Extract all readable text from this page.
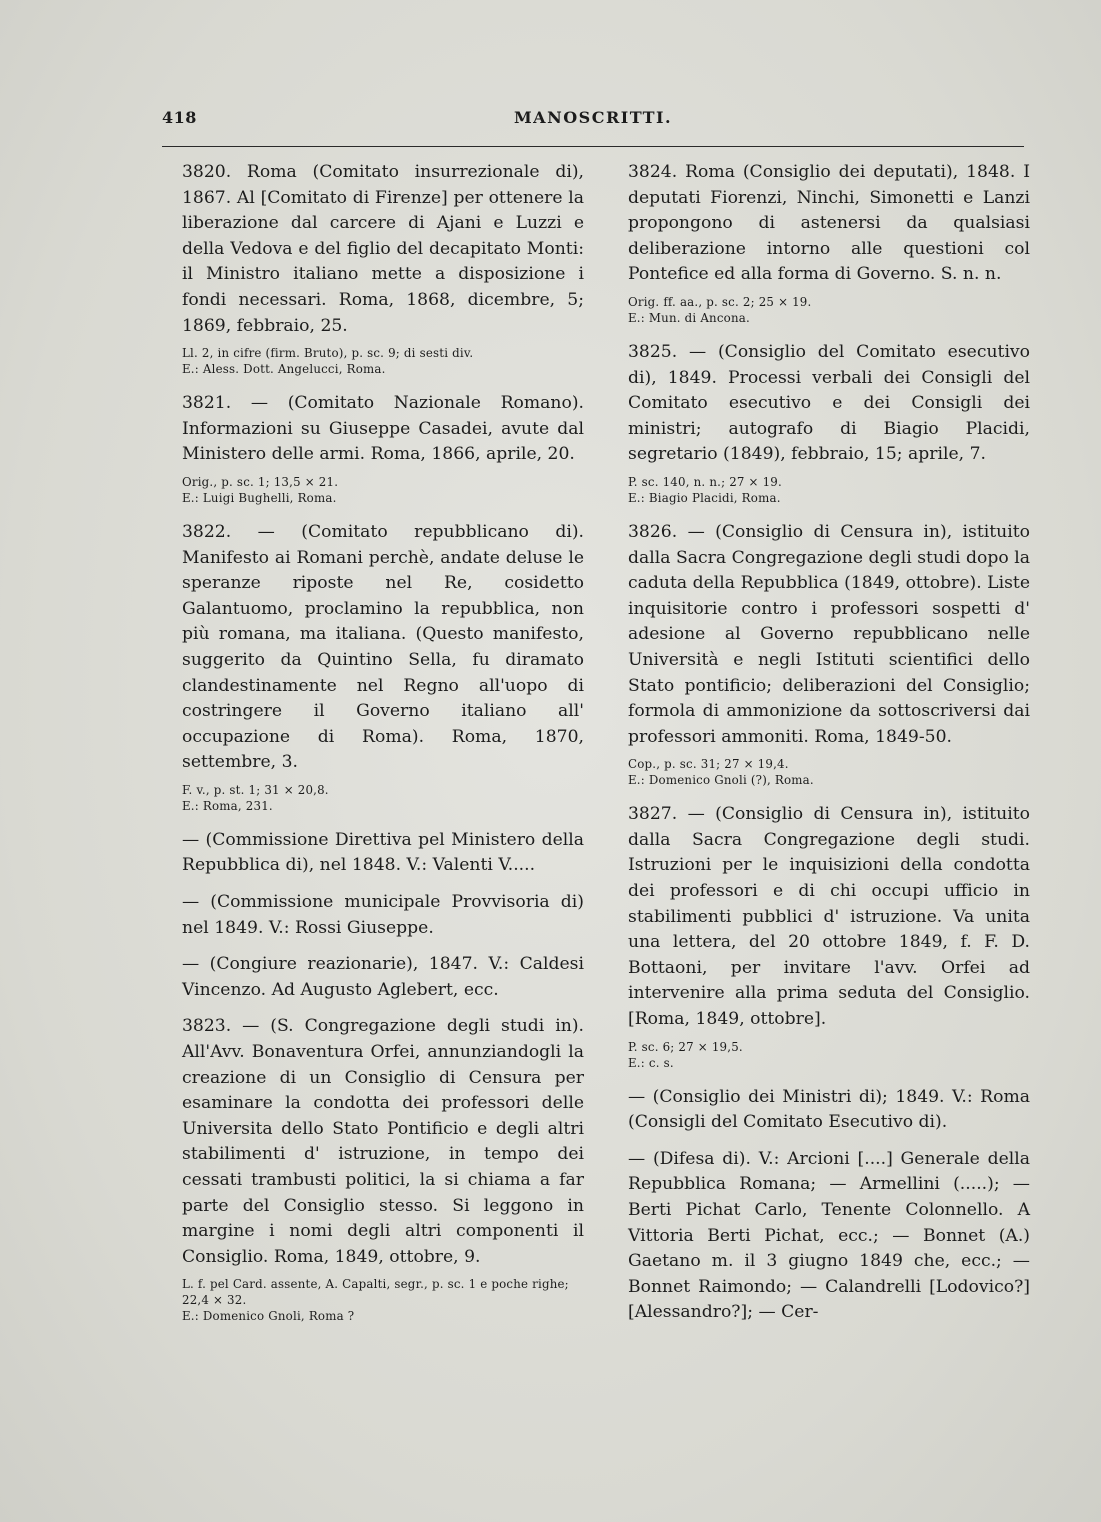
418	MANOSCRITTI.
3820. Roma (Comitato insurrezionale di), 1867. Al [Comitato di Firenze] per ottenere la liberazione dal carcere di Ajani e Luzzi e della Vedova e del figlio del decapitato Monti: il Ministro italiano mette a disposizione i fondi necessari. Roma, 1868, dicembre, 5; 1869, febbraio, 25.
Ll. 2, in cifre (firm. Bruto), p. sc. 9; di sesti div.
E.: Aless. Dott. Angelucci, Roma.
3821. — (Comitato Nazionale Romano). Informazioni su Giuseppe Casadei, avute dal Ministero delle armi. Roma, 1866, aprile, 20.
Orig., p. sc. 1; 13,5 × 21.
E.: Luigi Bughelli, Roma.
3822. — (Comitato repubblicano di). Manifesto ai Romani perchè, andate deluse le speranze riposte nel Re, cosidetto Galantuomo, proclamino la repubblica, non più romana, ma italiana. (Questo manifesto, suggerito da Quintino Sella, fu diramato clandestinamente nel Regno all'uopo di costringere il Governo italiano all' occupazione di Roma). Roma, 1870, settembre, 3.
F. v., p. st. 1; 31 × 20,8.
E.: Roma, 231.
— (Commissione Direttiva pel Ministero della Repubblica di), nel 1848. V.: Valenti V.....
— (Commissione municipale Provvisoria di) nel 1849. V.: Rossi Giuseppe.
— (Congiure reazionarie), 1847. V.: Caldesi Vincenzo. Ad Augusto Aglebert, ecc.
3823. — (S. Congregazione degli studi in). All'Avv. Bonaventura Orfei, annunziandogli la creazione di un Consiglio di Censura per esaminare la condotta dei professori delle Universita dello Stato Pontificio e degli altri stabilimenti d' istruzione, in tempo dei cessati trambusti politici, la si chiama a far parte del Consiglio stesso. Si leggono in margine i nomi degli altri componenti il Consiglio. Roma, 1849, ottobre, 9.
L. f. pel Card. assente, A. Capalti, segr., p. sc. 1 e poche righe; 22,4 × 32.
E.: Domenico Gnoli, Roma ?
3824. Roma (Consiglio dei deputati), 1848. I deputati Fiorenzi, Ninchi, Simonetti e Lanzi propongono di astenersi da qualsiasi deliberazione intorno alle questioni col Pontefice ed alla forma di Governo. S. n. n.
Orig. ff. aa., p. sc. 2; 25 × 19.
E.: Mun. di Ancona.
3825. — (Consiglio del Comitato esecutivo di), 1849. Processi verbali dei Consigli del Comitato esecutivo e dei Consigli dei ministri; autografo di Biagio Placidi, segretario (1849), febbraio, 15; aprile, 7.
P. sc. 140, n. n.; 27 × 19.
E.: Biagio Placidi, Roma.
3826. — (Consiglio di Censura in), istituito dalla Sacra Congregazione degli studi dopo la caduta della Repubblica (1849, ottobre). Liste inquisitorie contro i professori sospetti d' adesione al Governo repubblicano nelle Università e negli Istituti scientifici dello Stato pontificio; deliberazioni del Consiglio; formola di ammonizione da sottoscriversi dai professori ammoniti. Roma, 1849-50.
Cop., p. sc. 31; 27 × 19,4.
E.: Domenico Gnoli (?), Roma.
3827. — (Consiglio di Censura in), istituito dalla Sacra Congregazione degli studi. Istruzioni per le inquisizioni della condotta dei professori e di chi occupi ufficio in stabilimenti pubblici d' istruzione. Va unita una lettera, del 20 ottobre 1849, f. F. D. Bottaoni, per invitare l'avv. Orfei ad intervenire alla prima seduta del Consiglio. [Roma, 1849, ottobre].
P. sc. 6; 27 × 19,5.
E.: c. s.
— (Consiglio dei Ministri di); 1849. V.: Roma (Consigli del Comitato Esecutivo di).
— (Difesa di). V.: Arcioni [....] Generale della Repubblica Romana; — Armellini (.....); — Berti Pichat Carlo, Tenente Colonnello. A Vittoria Berti Pichat, ecc.; — Bonnet (A.) Gaetano m. il 3 giugno 1849 che, ecc.; — Bonnet Raimondo; — Calandrelli [Lodovico?] [Alessandro?]; — Cer-
